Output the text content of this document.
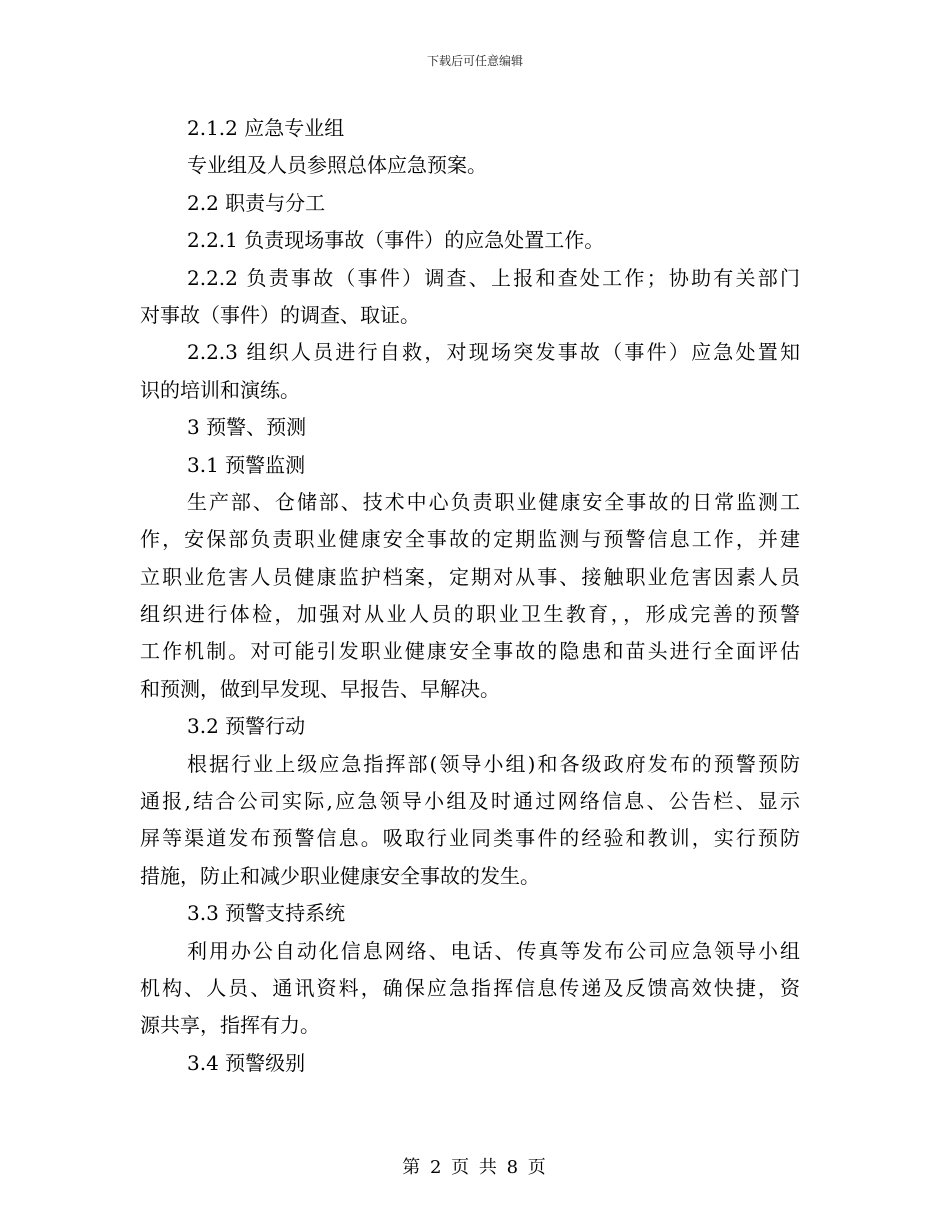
下载后可任意编辑

2.1.2 应急专业组

专业组及人员参照总体应急预案。

2.2 职责与分工

2.2.1 负责现场事故（事件）的应急处置工作。

2.2.2 负责事故（事件）调查、上报和查处工作；协助有关部门

对事故（事件）的调查、取证。

2.2.3 组织人员进行自救，对现场突发事故（事件）应急处置知

识的培训和演练。

3 预警、预测

3.1 预警监测

生产部、仓储部、技术中心负责职业健康安全事故的日常监测工

作，安保部负责职业健康安全事故的定期监测与预警信息工作，并建

立职业危害人员健康监护档案，定期对从事、接触职业危害因素人员

组织进行体检，加强对从业人员的职业卫生教育，，形成完善的预警

工作机制。对可能引发职业健康安全事故的隐患和苗头进行全面评估

和预测，做到早发现、早报告、早解决。

3.2 预警行动

根据行业上级应急指挥部(领导小组)和各级政府发布的预警预防

通报,结合公司实际,应急领导小组及时通过网络信息、公告栏、显示

屏等渠道发布预警信息。吸取行业同类事件的经验和教训，实行预防

措施，防止和减少职业健康安全事故的发生。

3.3 预警支持系统

利用办公自动化信息网络、电话、传真等发布公司应急领导小组

机构、人员、通讯资料，确保应急指挥信息传递及反馈高效快捷，资

源共享，指挥有力。

3.4 预警级别

第 2 页 共 8 页
